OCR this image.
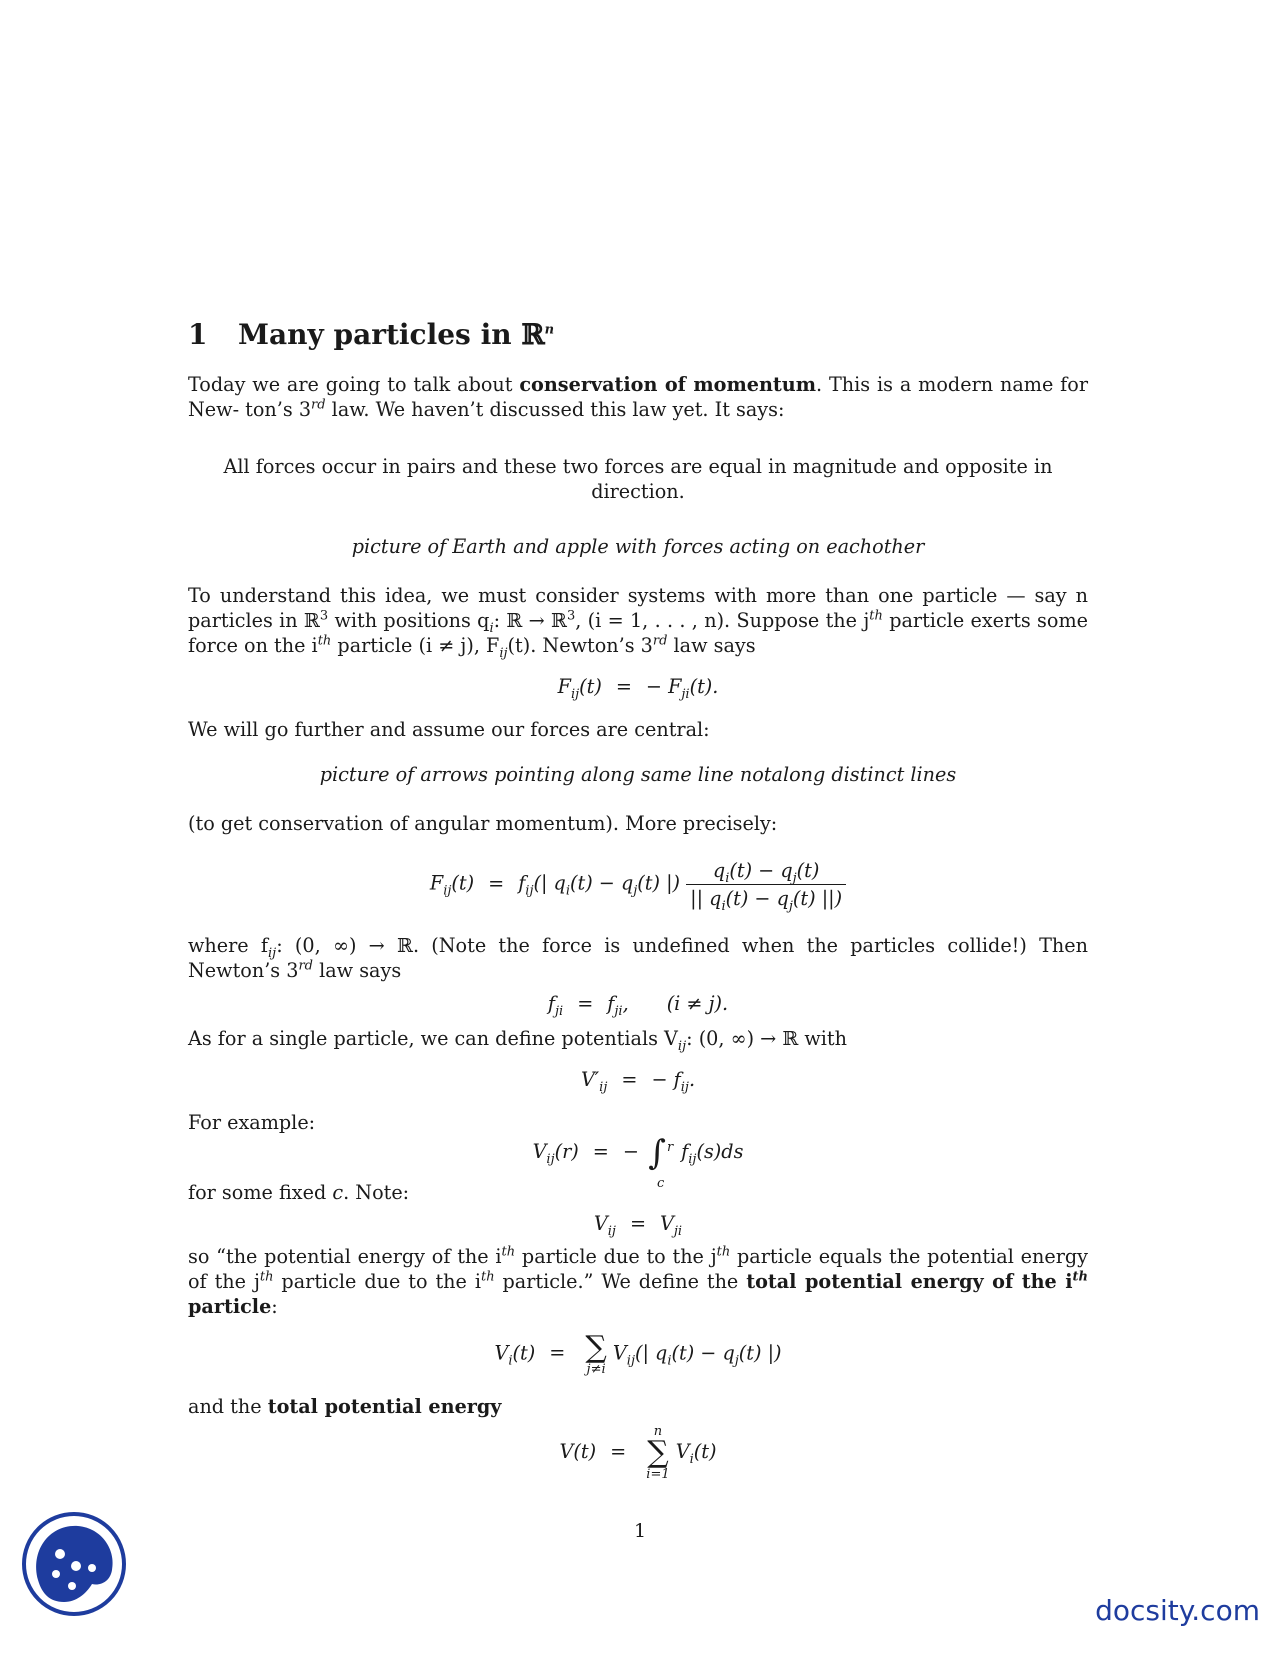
1 Many particles in ℝ$^n$

Today we are going to talk about conservation of momentum. This is a modern name for New- ton’s 3rd law. We haven’t discussed this law yet. It says:

All forces occur in pairs and these two forces are equal in magnitude and opposite in direction.

picture of Earth and apple with forces acting on eachother

To understand this idea, we must consider systems with more than one particle — say n particles in ℝ$^3$ with positions $q_i$: ℝ → ℝ$^3$, (i = 1, . . . , n). Suppose the $j^{th}$ particle exerts some force on the $i^{th}$ particle (i ≠ j), $F_{ij}(t)$. Newton’s 3rd law says

$F_{ij}(t)$ = − $F_{ji}(t)$.

We will go further and assume our forces are central:

picture of arrows pointing along same line notalong distinct lines

(to get conservation of angular momentum). More precisely:

$F_{ij}(t) = f_{ij}(|$ $q_i(t) - q_j(t)$ |) $\frac{q_i(t) - q_j(t)}{|| q_i(t) - q_j(t) ||)}$

where $f_{ij}$: (0, ∞) → ℝ. (Note the force is undefined when the particles collide!) Then Newton’s 3rd law says

$f_{ji} = f_{ji}$, (i ≠ j).

As for a single particle, we can define potentials $V_{ij}$: (0, ∞) → ℝ with

$V'_{ij}$ = − $f_{ij}$.

For example:

$V_{ij}(r)$ = − ∫ r
c
$f_{ij}(s)ds$

for some fixed c. Note:

$V_{ij} = V_{ji}$

so “the potential energy of the $i^{th}$ particle due to the $j^{th}$ particle equals the potential energy of the $j^{th}$ particle due to the $i^{th}$ particle.” We define the total potential energy of the $i^{th}$ particle:

$V_i(t)$ = ∑
j≠i
$V_{ij}(|$ $q_i(t) - q_j(t)$ |)

and the total potential energy

V(t) =
n
∑
i=1
$V_i(t)$
1
docsity.com
